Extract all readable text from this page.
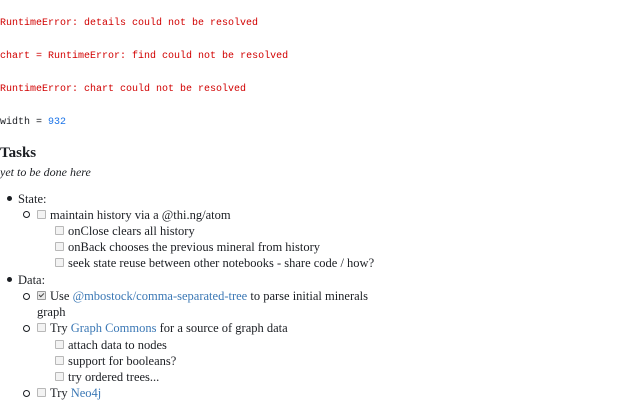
RuntimeError: details could not be resolved
chart = RuntimeError: find could not be resolved
RuntimeError: chart could not be resolved
width = 932
Tasks
yet to be done here
State:
maintain history via a @thi.ng/atom
onClose clears all history
onBack chooses the previous mineral from history
seek state reuse between other notebooks - share code / how?
Data:
Use @mbostock/comma-separated-tree to parse initial minerals
graph
Try Graph Commons for a source of graph data
attach data to nodes
support for booleans?
try ordered trees...
Try Neo4j
